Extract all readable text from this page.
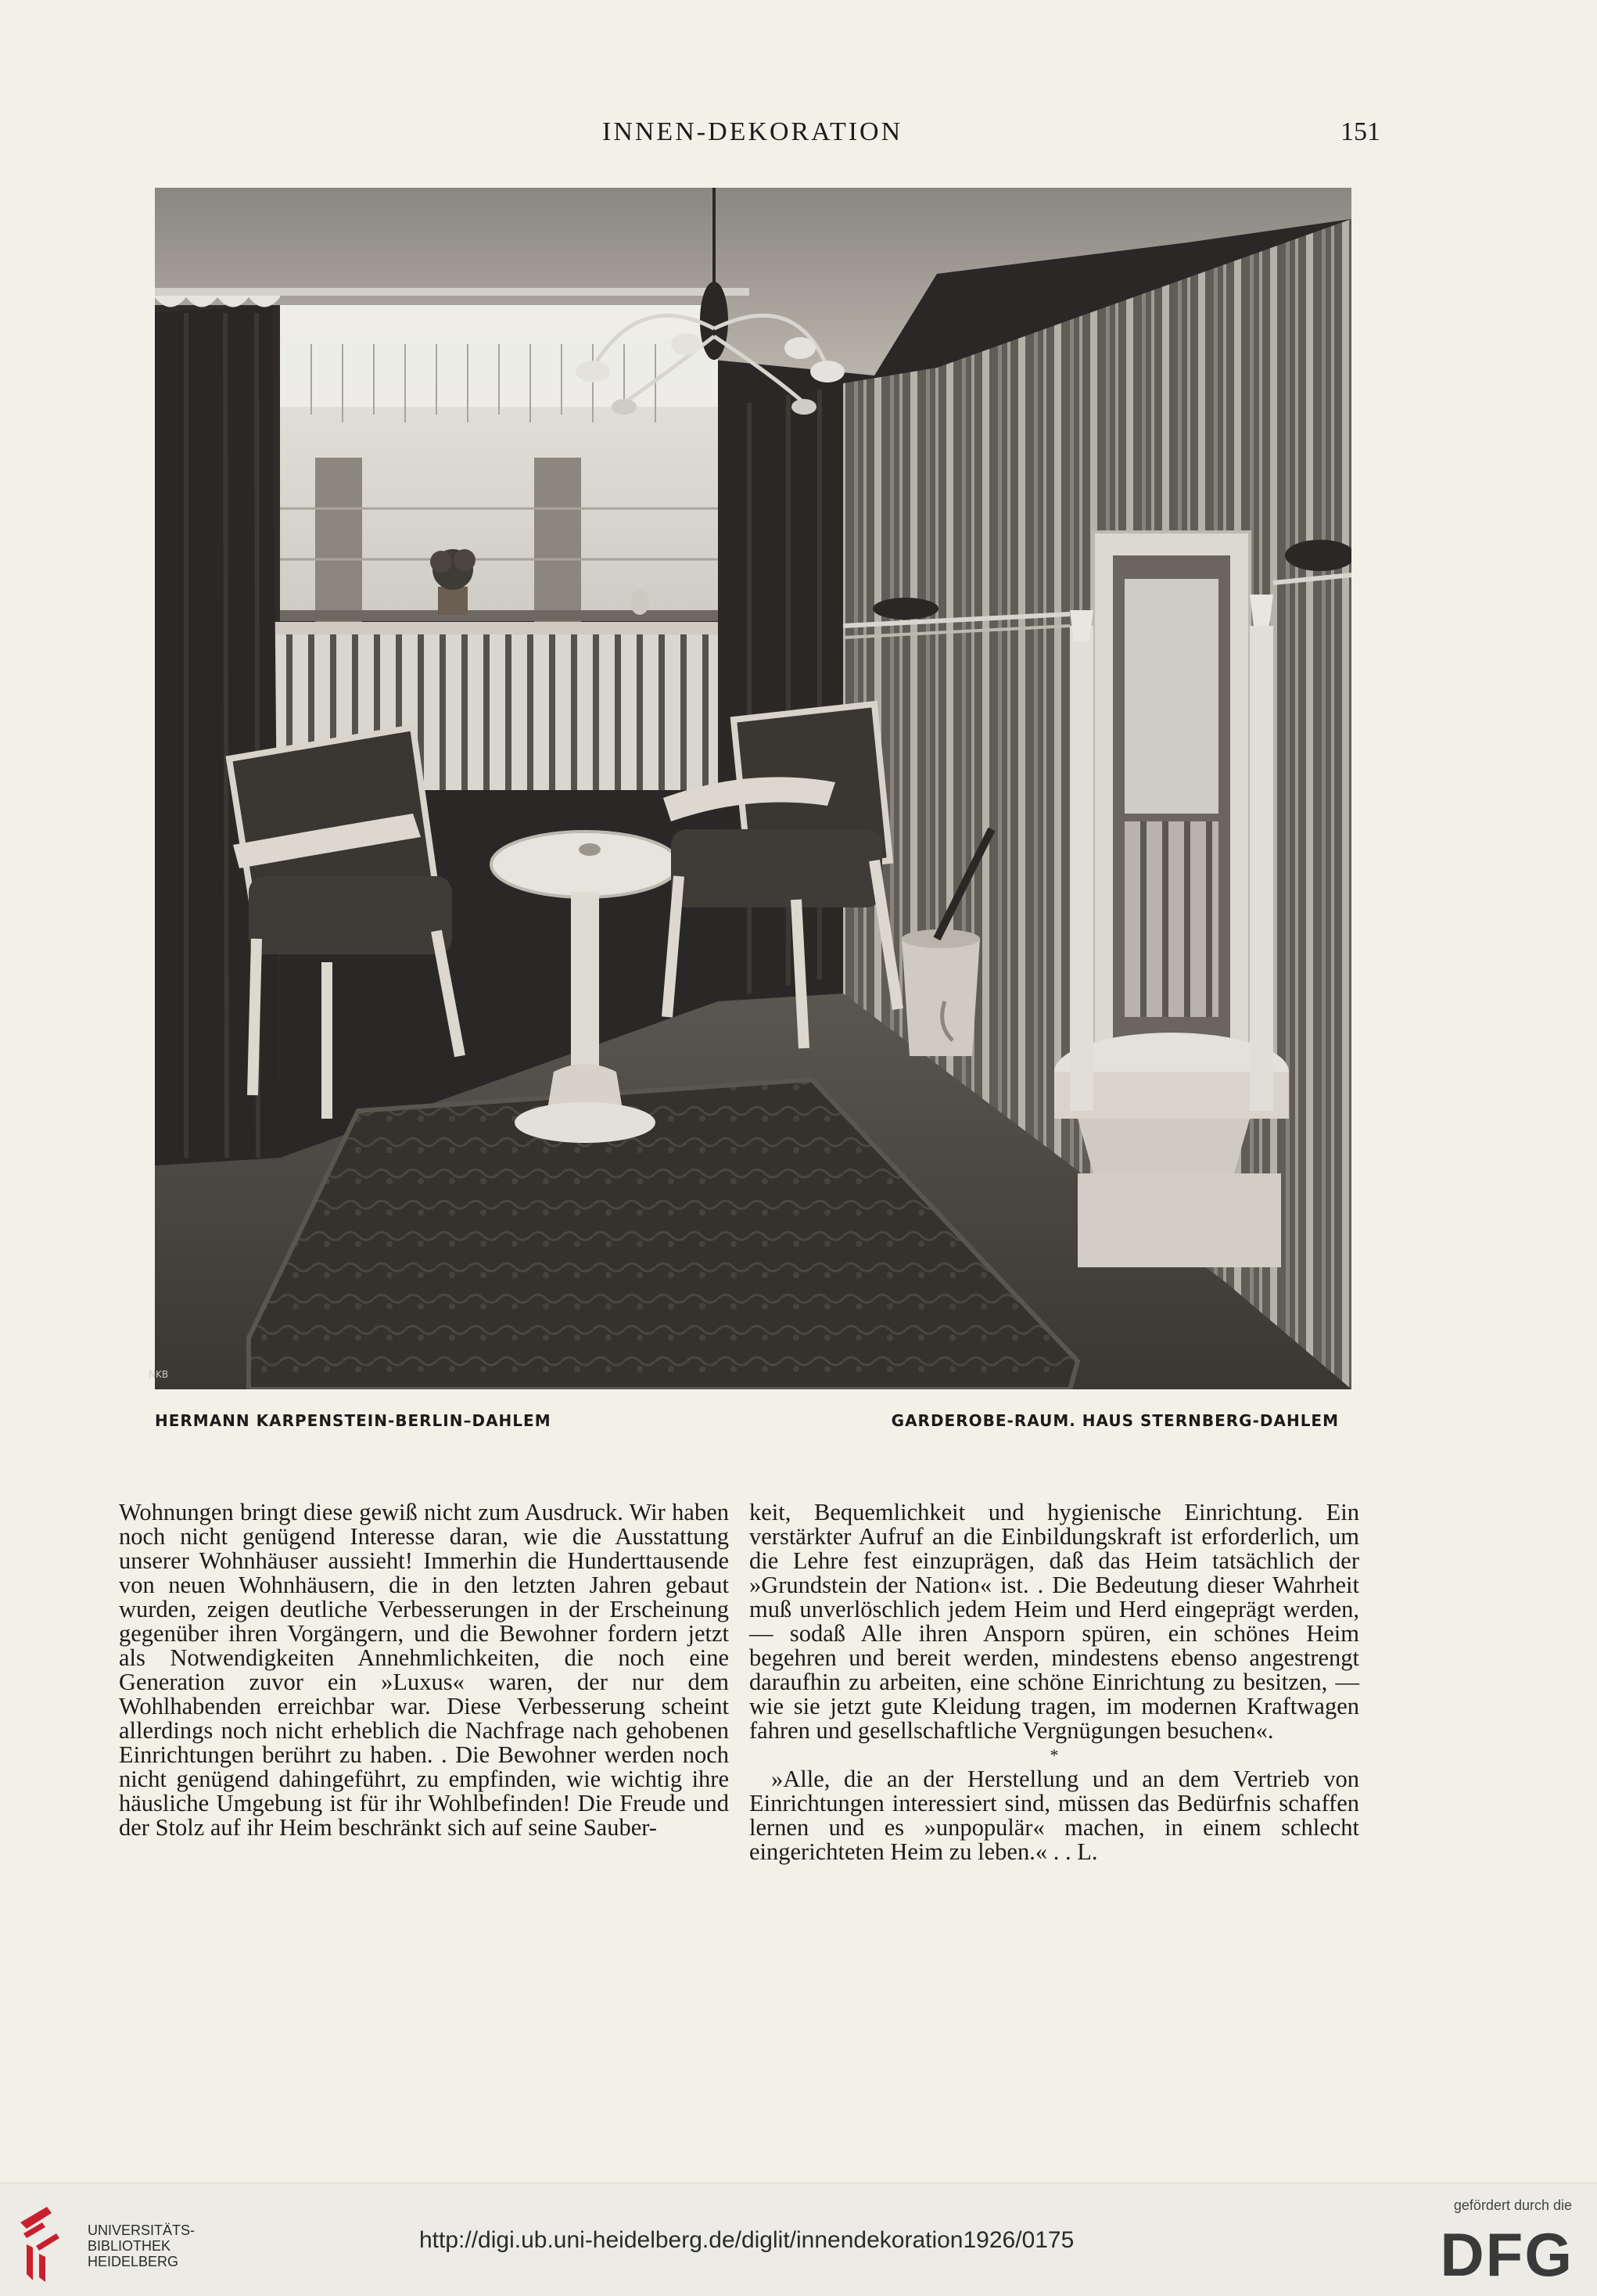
INNEN-DEKORATION	151
NKB
HERMANN KARPENSTEIN-BERLIN–DAHLEM	GARDEROBE-RAUM. HAUS STERNBERG-DAHLEM

Wohnungen bringt diese gewiß nicht zum Ausdruck. Wir haben noch nicht genügend Interesse daran, wie die Ausstattung unserer Wohnhäuser aussieht! Immerhin die Hunderttausende von neuen Wohnhäusern, die in den letzten Jahren gebaut wurden, zeigen deutliche Verbesserungen in der Erscheinung gegenüber ihren Vorgängern, und die Bewohner fordern jetzt als Notwendigkeiten Annehmlichkeiten, die noch eine Generation zuvor ein »Luxus« waren, der nur dem Wohlhabenden erreichbar war. Diese Verbesserung scheint allerdings noch nicht erheblich die Nachfrage nach gehobenen Einrichtungen berührt zu haben. . Die Bewohner werden noch nicht genügend dahingeführt, zu empfinden, wie wichtig ihre häusliche Umgebung ist für ihr Wohlbefinden! Die Freude und der Stolz auf ihr Heim beschränkt sich auf seine Sauber-

keit, Bequemlichkeit und hygienische Einrichtung. Ein verstärkter Aufruf an die Einbildungskraft ist erforderlich, um die Lehre fest einzuprägen, daß das Heim tatsächlich der »Grundstein der Nation« ist. . Die Bedeutung dieser Wahrheit muß unverlöschlich jedem Heim und Herd eingeprägt werden, — sodaß Alle ihren Ansporn spüren, ein schönes Heim begehren und bereit werden, mindestens ebenso angestrengt daraufhin zu arbeiten, eine schöne Einrichtung zu besitzen, — wie sie jetzt gute Kleidung tragen, im modernen Kraftwagen fahren und gesellschaftliche Vergnügungen besuchen«.

*

»Alle, die an der Herstellung und an dem Vertrieb von Einrichtungen interessiert sind, müssen das Bedürfnis schaffen lernen und es »unpopulär« machen, in einem schlecht eingerichteten Heim zu leben.« . . L.

UNIVERSITÄTS-
BIBLIOTHEK
HEIDELBERG
http://digi.ub.uni-heidelberg.de/diglit/innendekoration1926/0175
gefördert durch die
DFG
